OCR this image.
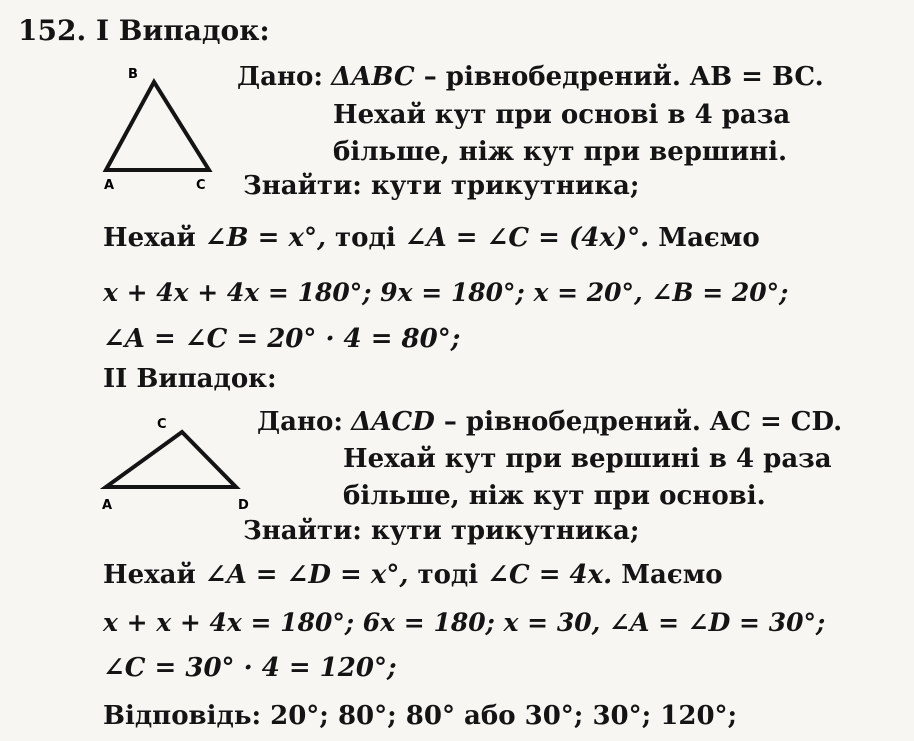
152. I Випадок:
B
A	C
Дано: ΔABC – рівнобедрений. AB = BC.
Нехай кут при основі в 4 раза
більше, ніж кут при вершині.
Знайти: кути трикутника;
Нехай ∠B = x°, тоді ∠A = ∠C = (4x)°. Маємо
x + 4x + 4x = 180°; 9x = 180°; x = 20°, ∠B = 20°;
∠A = ∠C = 20° · 4 = 80°;
II Випадок:
C
A	D
Дано: ΔACD – рівнобедрений. AC = CD.
Нехай кут при вершині в 4 раза
більше, ніж кут при основі.
Знайти: кути трикутника;
Нехай ∠A = ∠D = x°, тоді ∠C = 4x. Маємо
x + x + 4x = 180°; 6x = 180; x = 30, ∠A = ∠D = 30°;
∠C = 30° · 4 = 120°;
Відповідь: 20°; 80°; 80° або 30°; 30°; 120°;
